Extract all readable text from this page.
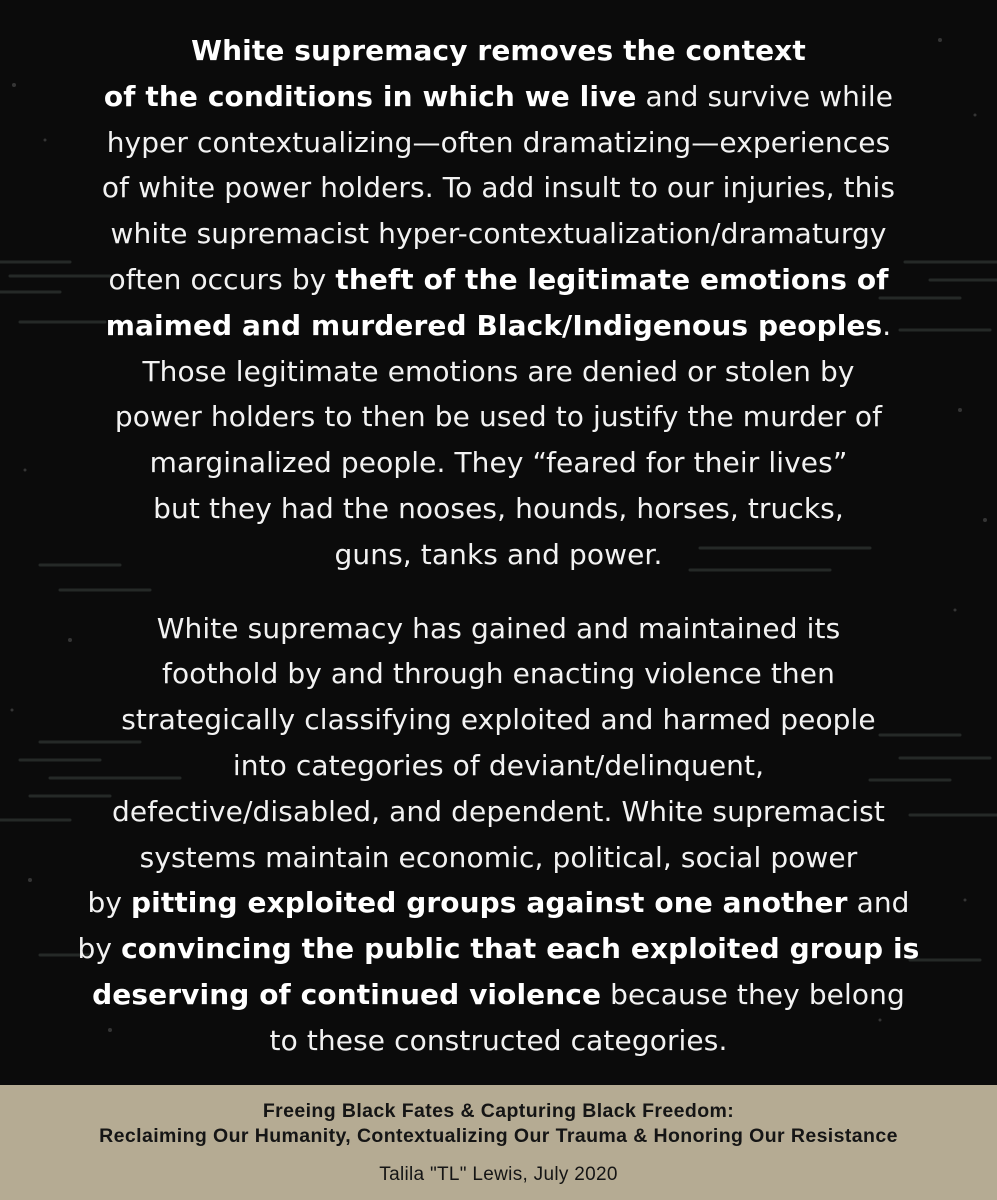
White supremacy removes the context
of the conditions in which we live and survive while
hyper contextualizing—often dramatizing—experiences
of white power holders. To add insult to our injuries, this
white supremacist hyper-contextualization/dramaturgy
often occurs by theft of the legitimate emotions of
maimed and murdered Black/Indigenous peoples.
Those legitimate emotions are denied or stolen by
power holders to then be used to justify the murder of
marginalized people. They “feared for their lives”
but they had the nooses, hounds, horses, trucks,
guns, tanks and power.

White supremacy has gained and maintained its
foothold by and through enacting violence then
strategically classifying exploited and harmed people
into categories of deviant/delinquent,
defective/disabled, and dependent. White supremacist
systems maintain economic, political, social power
by pitting exploited groups against one another and
by convincing the public that each exploited group is
deserving of continued violence because they belong
to these constructed categories.

Freeing Black Fates & Capturing Black Freedom:
Reclaiming Our Humanity, Contextualizing Our Trauma & Honoring Our Resistance
Talila "TL" Lewis, July 2020
